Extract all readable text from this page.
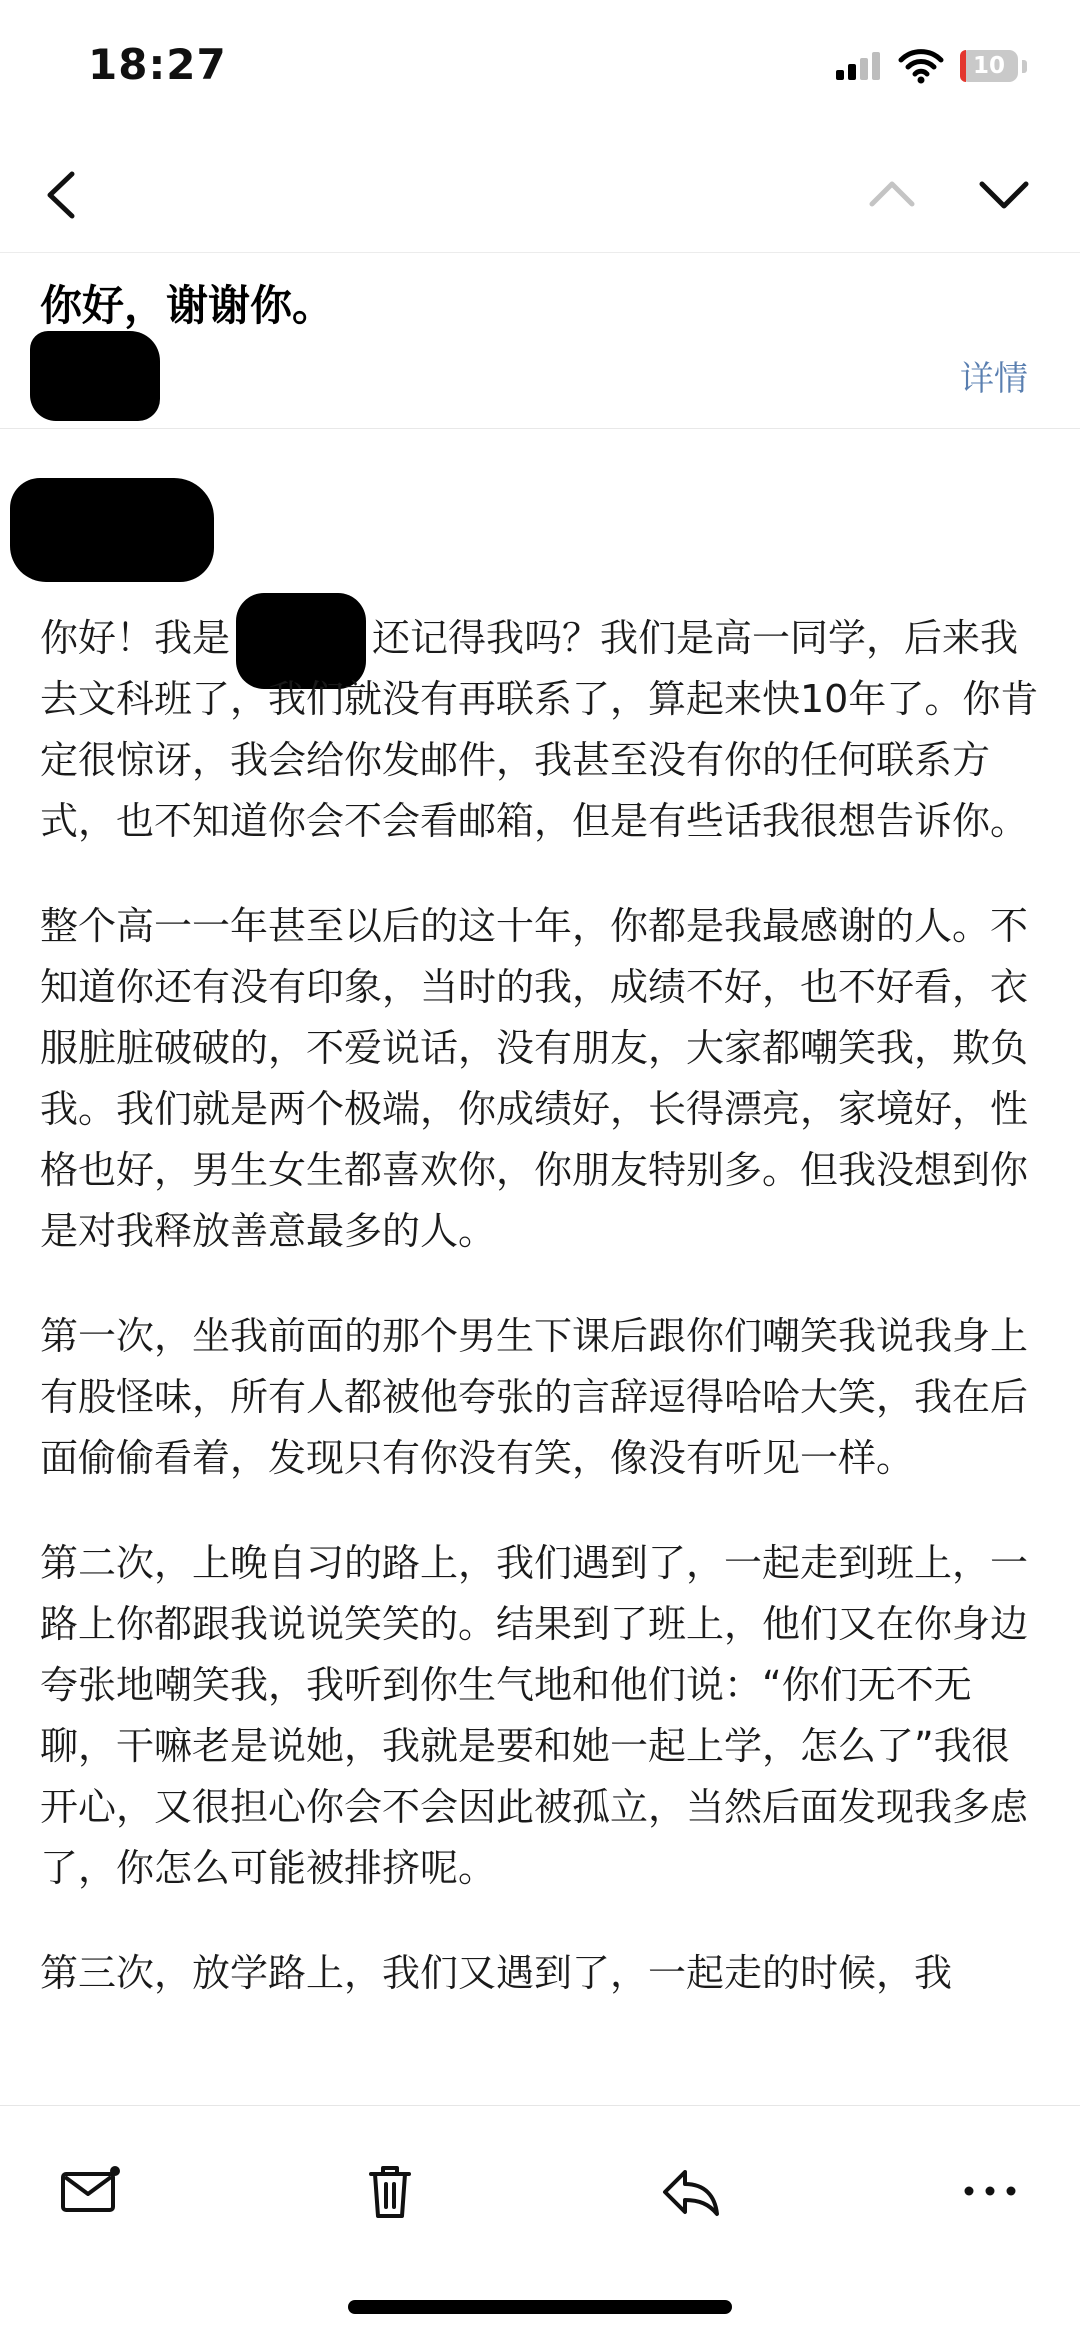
18:27	10
你好，谢谢你。
详情

你好！我是	还记得我吗？我们是高一同学，后来我去文科班了，我们就没有再联系了，算起来快10年了。你肯定很惊讶，我会给你发邮件，我甚至没有你的任何联系方式，也不知道你会不会看邮箱，但是有些话我很想告诉你。

整个高一一年甚至以后的这十年，你都是我最感谢的人。不知道你还有没有印象，当时的我，成绩不好，也不好看，衣服脏脏破破的，不爱说话，没有朋友，大家都嘲笑我，欺负我。我们就是两个极端，你成绩好，长得漂亮，家境好，性格也好，男生女生都喜欢你，你朋友特别多。但我没想到你是对我释放善意最多的人。

第一次，坐我前面的那个男生下课后跟你们嘲笑我说我身上有股怪味，所有人都被他夸张的言辞逗得哈哈大笑，我在后面偷偷看着，发现只有你没有笑，像没有听见一样。

第二次，上晚自习的路上，我们遇到了，一起走到班上，一路上你都跟我说说笑笑的。结果到了班上，他们又在你身边夸张地嘲笑我，我听到你生气地和他们说：“你们无不无聊，干嘛老是说她，我就是要和她一起上学，怎么了”我很开心，又很担心你会不会因此被孤立，当然后面发现我多虑了，你怎么可能被排挤呢。

第三次，放学路上，我们又遇到了，一起走的时候，我
